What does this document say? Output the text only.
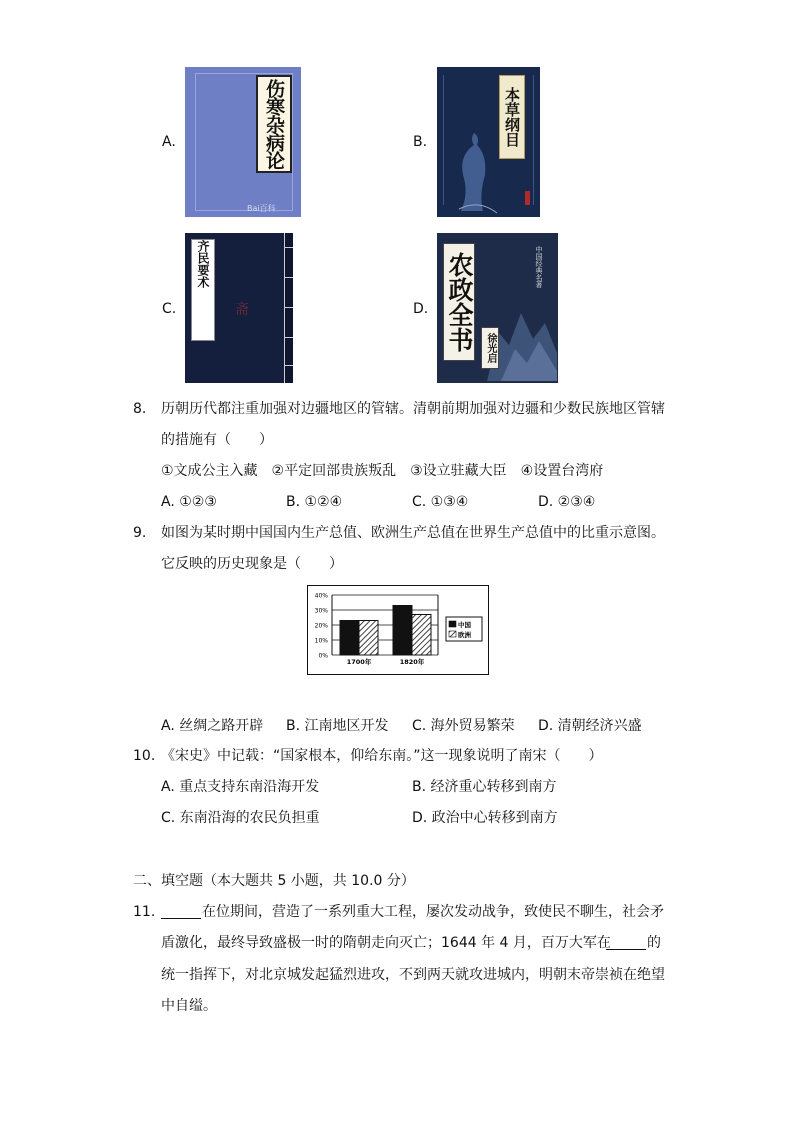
A.	伤寒杂病论
Bai百科
B.	本草纲目
C.
齐民要术
斋	D. 农政全书	中国经典名著
徐光启
8. 历朝历代都注重加强对边疆地区的管辖。清朝前期加强对边疆和少数民族地区管辖
的措施有（　　）
①文成公主入藏　②平定回部贵族叛乱　③设立驻藏大臣　④设置台湾府
A. ①②③	B. ①②④	C. ①③④	D. ②③④
9. 如图为某时期中国国内生产总值、欧洲生产总值在世界生产总值中的比重示意图。
它反映的历史现象是（　　）
0%
10%
20%
30%
40%
1700年	1820年
中国
欧洲
A. 丝绸之路开辟 B. 江南地区开发 C. 海外贸易繁荣 D. 清朝经济兴盛
10. 《宋史》中记载：“国家根本，仰给东南。”这一现象说明了南宋（　　）
A. 重点支持东南沿海开发	B. 经济重心转移到南方
C. 东南沿海的农民负担重	D. 政治中心转移到南方
二、填空题（本大题共 5 小题，共 10.0 分）
11.	在位期间，营造了一系列重大工程，屡次发动战争，致使民不聊生，社会矛
盾激化，最终导致盛极一时的隋朝走向灭亡；1644 年 4 月，百万大军在	的
统一指挥下，对北京城发起猛烈进攻，不到两天就攻进城内，明朝末帝崇祯在绝望
中自缢。
